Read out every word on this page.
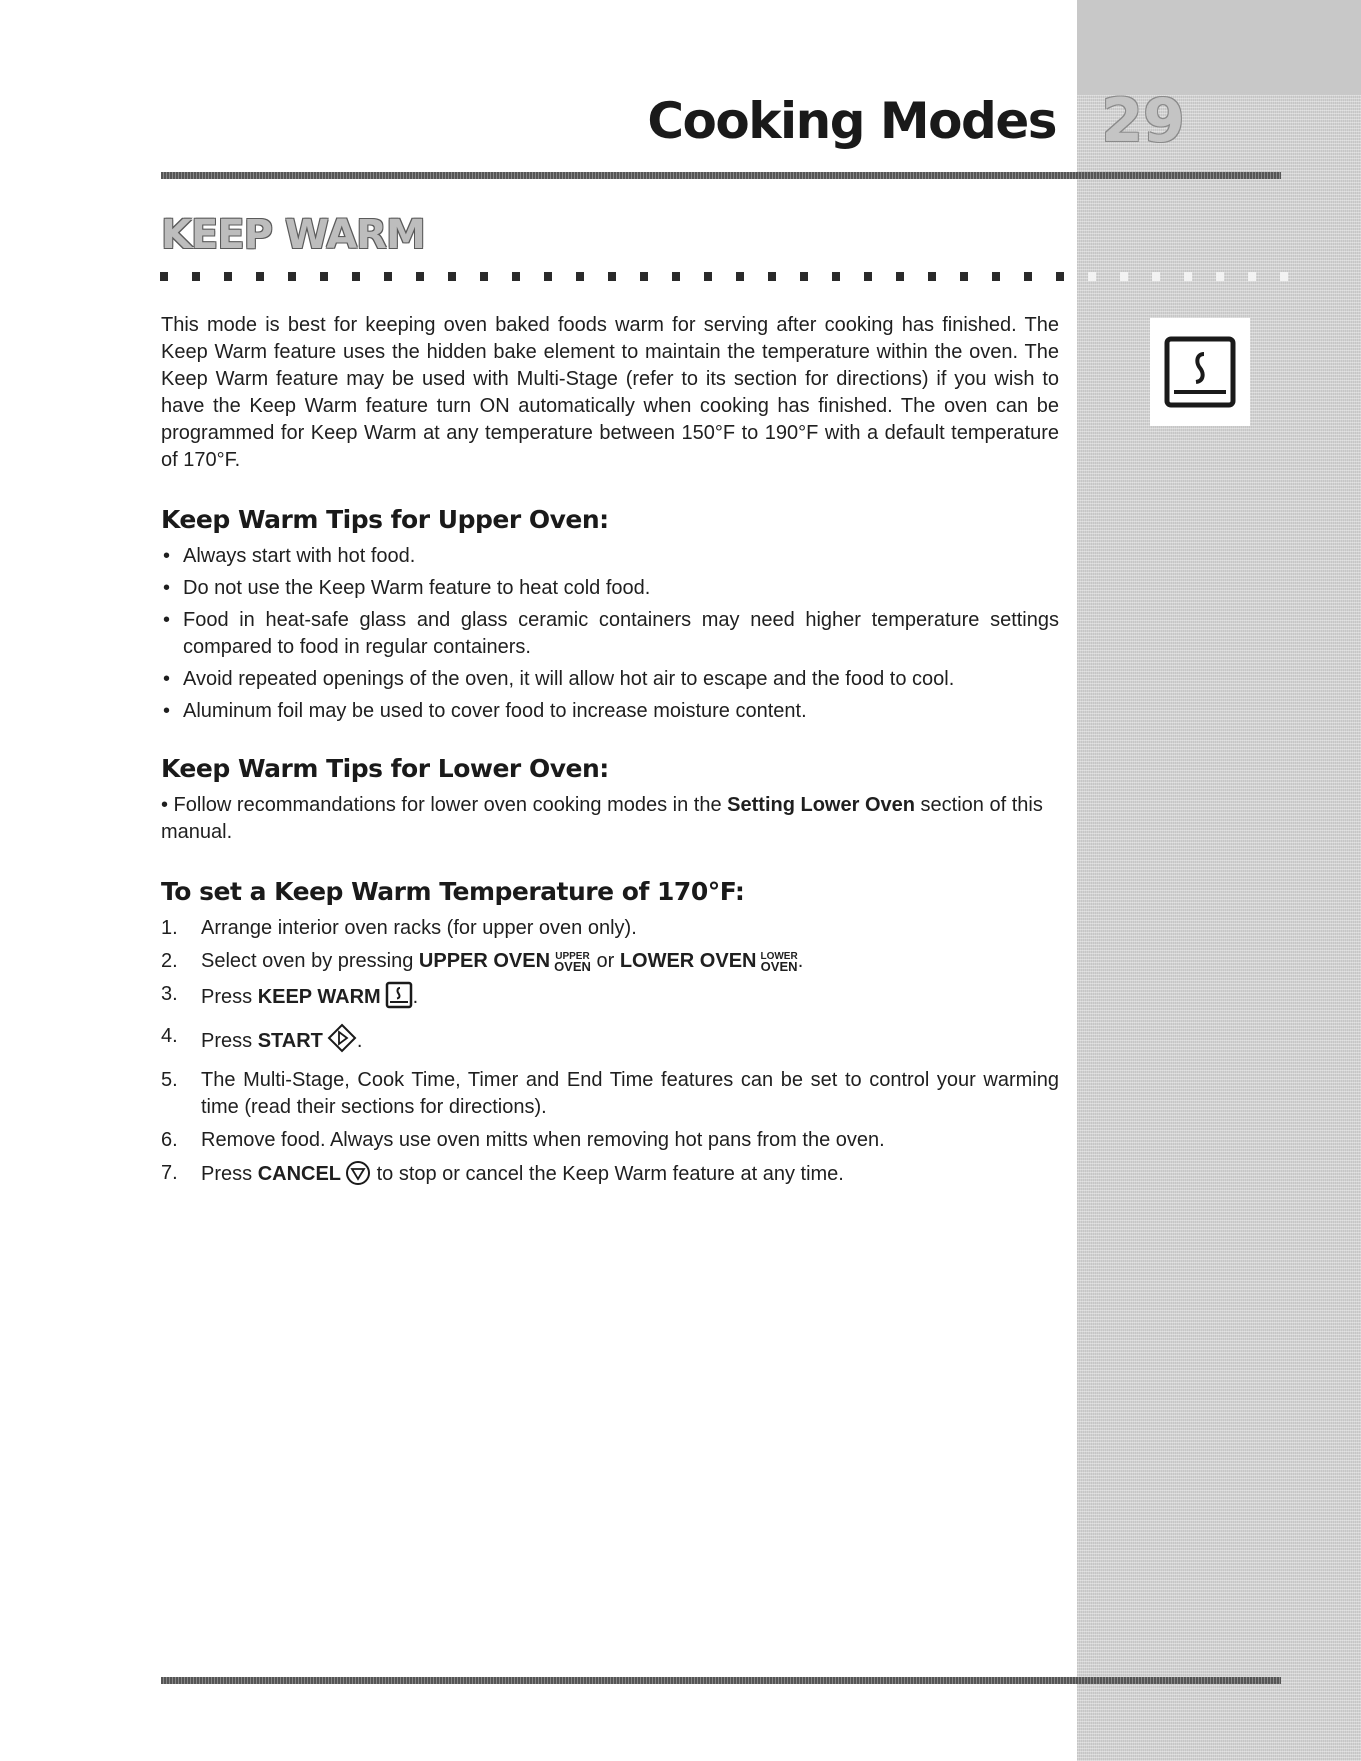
Cooking Modes 29
KEEP WARM

This mode is best for keeping oven baked foods warm for serving after cooking has finished. The Keep Warm feature uses the hidden bake element to maintain the temperature within the oven. The Keep Warm feature may be used with Multi-Stage (refer to its section for directions) if you wish to have the Keep Warm feature turn ON automatically when cooking has finished. The oven can be programmed for Keep Warm at any temperature between 150°F to 190°F with a default temperature of 170°F.

Keep Warm Tips for Upper Oven:
• Always start with hot food.
• Do not use the Keep Warm feature to heat cold food.
• Food in heat-safe glass and glass ceramic containers may need higher temperature settings compared to food in regular containers.
• Avoid repeated openings of the oven, it will allow hot air to escape and the food to cool.
• Aluminum foil may be used to cover food to increase moisture content.
Keep Warm Tips for Lower Oven:

• Follow recommandations for lower oven cooking modes in the Setting Lower Oven section of this manual.

To set a Keep Warm Temperature of 170°F:
1. Arrange interior oven racks (for upper oven only).
2. Select oven by pressing UPPER OVEN UPPER
OVEN or LOWER OVEN LOWER
OVEN.
3. Press KEEP WARM .
4. Press START .
5. The Multi-Stage, Cook Time, Timer and End Time features can be set to control your warming time (read their sections for directions).
6. Remove food. Always use oven mitts when removing hot pans from the oven.
7. Press CANCEL to stop or cancel the Keep Warm feature at any time.
